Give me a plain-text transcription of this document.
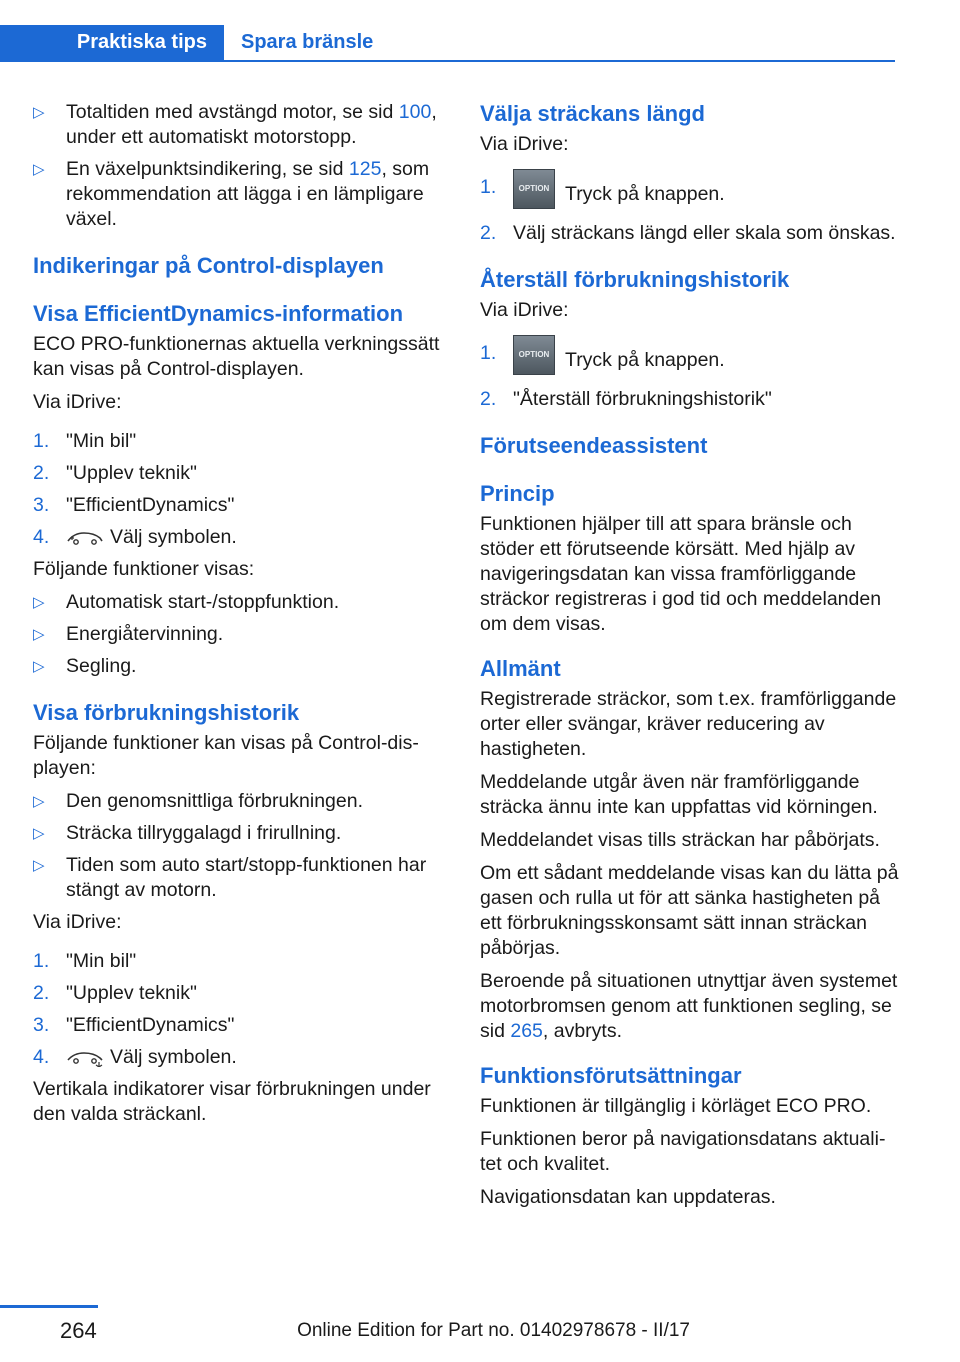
Praktiska tips	Spara bränsle
▷ Totaltiden med avstängd motor, se sid 100, under ett automatiskt motorstopp.
▷ En växelpunktsindikering, se sid 125, som rekommendation att lägga i en lämpligare växel.
Indikeringar på Control-displayen
Visa EfficientDynamics-information

ECO PRO-funktionernas aktuella verkningssätt kan visas på Control-displayen.

Via iDrive:

1. "Min bil"
2. "Upplev teknik"
3. "EfficientDynamics"
4.	Välj symbolen.

Följande funktioner visas:

▷ Automatisk start-/stoppfunktion.
▷ Energiåtervinning.
▷ Segling.
Visa förbrukningshistorik

Följande funktioner kan visas på Control-displayen:

▷ Den genomsnittliga förbrukningen.
▷ Sträcka tillryggalagd i frirullning.
▷ Tiden som auto start/stopp-funktionen har stängt av motorn.

Via iDrive:

1. "Min bil"
2. "Upplev teknik"
3. "EfficientDynamics"
4.	Välj symbolen.

Vertikala indikatorer visar förbrukningen under den valda sträckanl.

Välja sträckans längd

Via iDrive:

1.	OPTION Tryck på knappen.
2. Välj sträckans längd eller skala som önskas.
Återställ förbrukningshistorik

Via iDrive:

1.	OPTION Tryck på knappen.
2. "Återställ förbrukningshistorik"
Förutseendeassistent
Princip

Funktionen hjälper till att spara bränsle och stöder ett förutseende körsätt. Med hjälp av navigeringsdatan kan vissa framförliggande sträckor registreras i god tid och meddelanden om dem visas.

Allmänt

Registrerade sträckor, som t.ex. framförliggande orter eller svängar, kräver reducering av hastigheten.

Meddelande utgår även när framförliggande sträcka ännu inte kan uppfattas vid körningen.

Meddelandet visas tills sträckan har påbörjats.

Om ett sådant meddelande visas kan du lätta på gasen och rulla ut för att sänka hastigheten på ett förbrukningsskonsamt sätt innan sträckan påbörjas.

Beroende på situationen utnyttjar även systemet motorbromsen genom att funktionen segling, se sid 265, avbryts.

Funktionsförutsättningar

Funktionen är tillgänglig i körläget ECO PRO.

Funktionen beror på navigationsdatans aktualitet och kvalitet.

Navigationsdatan kan uppdateras.

264	Online Edition for Part no. 01402978678 - II/17
